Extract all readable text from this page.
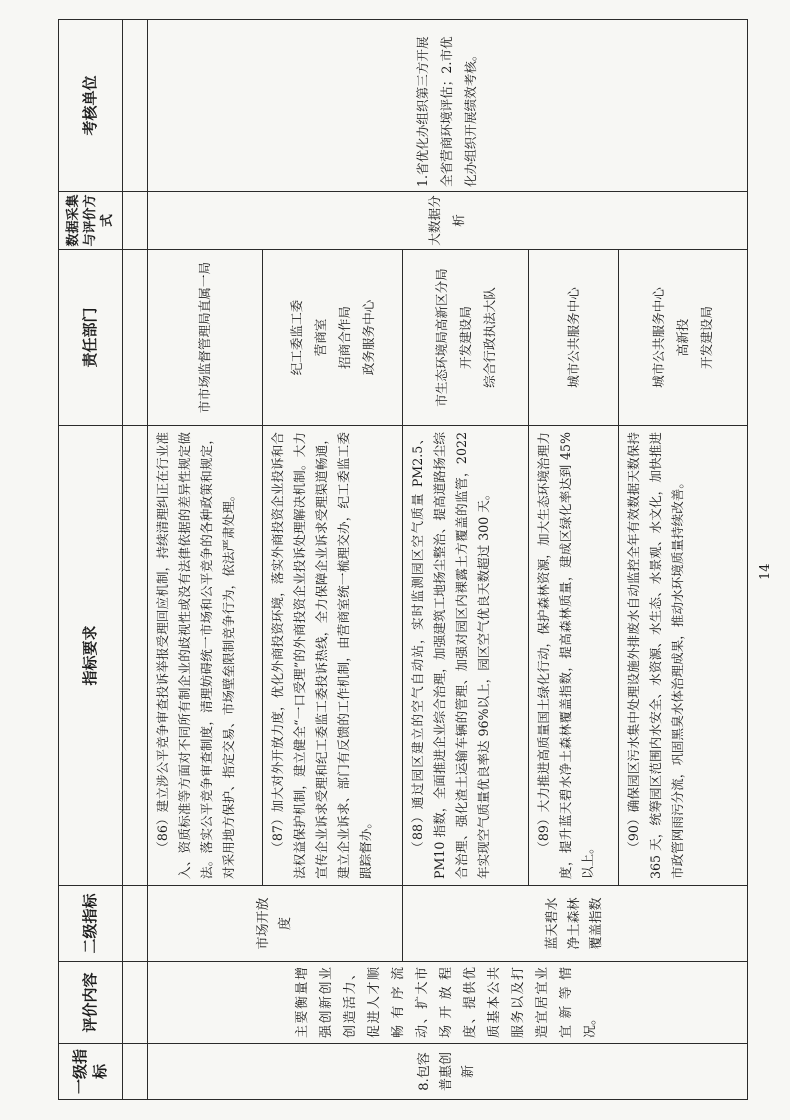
一级指标	评价内容	二级指标	指标要求	责任部门	数据采集与评价方式	考核单位

8.包容普惠创新	主要衡量增强创新创业创造活力、促进人才顺畅有序流动、扩大市场开放程度、提供优质基本公共服务以及打造宜居宜业宜新等情况。	市场开放度	（86）建立涉公平竞争审查投诉举报受理回应机制，持续清理纠正在行业准入、资质标准等方面对不同所有制企业的歧视性或没有法律依据的差异性规定做法。落实公平竞争审查制度，清理妨碍统一市场和公平竞争的各种政策和规定，对采用地方保护、指定交易、市场壁垒限制竞争行为，依法严肃处理。	市市场监督管理局直属一局	大数据分析	1.省优化办组织第三方开展全省营商环境评估；2.市优化办组织开展绩效考核。
			（87）加大对外开放力度，优化外商投资环境，落实外商投资企业投诉和合法权益保护机制，建立健全“一口受理”的外商投资企业投诉处理解决机制。大力宣传企业诉求受理和纪工委监工委投诉热线，全力保障企业诉求受理渠道畅通，建立企业诉求、部门有反馈的工作机制，由营商室统一梳理交办，纪工委监工委跟踪督办。	纪工委监工委 营商室 招商合作局 政务服务中心		

		蓝天碧水净土森林覆盖指数	（88）通过园区建立的空气自动站，实时监测园区空气质量 PM2.5、PM10 指数，全面推进企业综合治理，加强建筑工地扬尘整治、提高道路扬尘综合治理、强化渣土运输车辆的管理、加强对园区内裸露土方覆盖的监管，2022 年实现空气质量优良率达 96%以上，园区空气优良天数超过 300 天。	市生态环境局高新区分局 开发建设局 综合行政执法大队		

			（89）大力推进高质量国土绿化行动，保护森林资源，加大生态环境治理力度，提升蓝天碧水净土森林覆盖指数，提高森林质量，建成区绿化率达到 45%以上。	城市公共服务中心		
			（90）确保园区污水集中处理设施外排废水自动监控全年有效数据天数保持 365 天，统筹园区范围内水安全、水资源、水生态、水景观、水文化，加快推进市政管网雨污分流，巩固黑臭水体治理成果，推动水环境质量持续改善。	城市公共服务中心 高新投 开发建设局		
14
